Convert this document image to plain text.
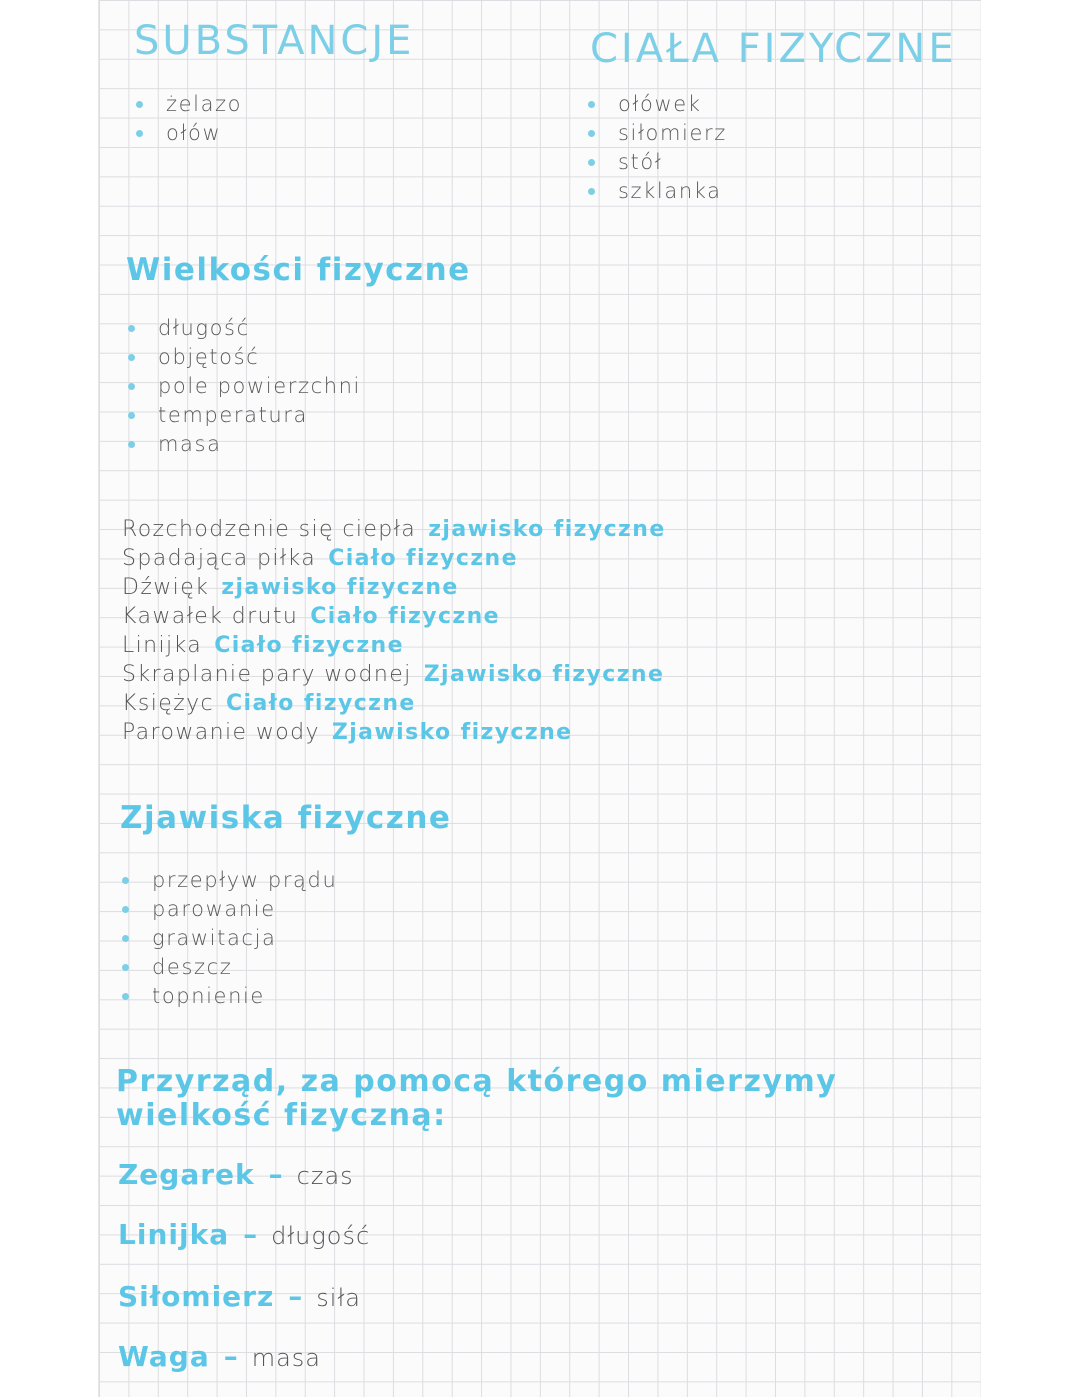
SUBSTANCJE
żelazo
ołów
CIAŁA FIZYCZNE
ołówek
siłomierz
stół
szklanka
Wielkości fizyczne
długość
objętość
pole powierzchni
temperatura
masa
Rozchodzenie się ciepła zjawisko fizyczne
Spadająca piłka Ciało fizyczne
Dźwięk zjawisko fizyczne
Kawałek drutu Ciało fizyczne
Linijka Ciało fizyczne
Skraplanie pary wodnej Zjawisko fizyczne
Księżyc Ciało fizyczne
Parowanie wody Zjawisko fizyczne
Zjawiska fizyczne
przepływ prądu
parowanie
grawitacja
deszcz
topnienie
Przyrząd, za pomocą którego mierzymy
wielkość fizyczną:
Zegarek – czas
Linijka – długość
Siłomierz – siła
Waga – masa
